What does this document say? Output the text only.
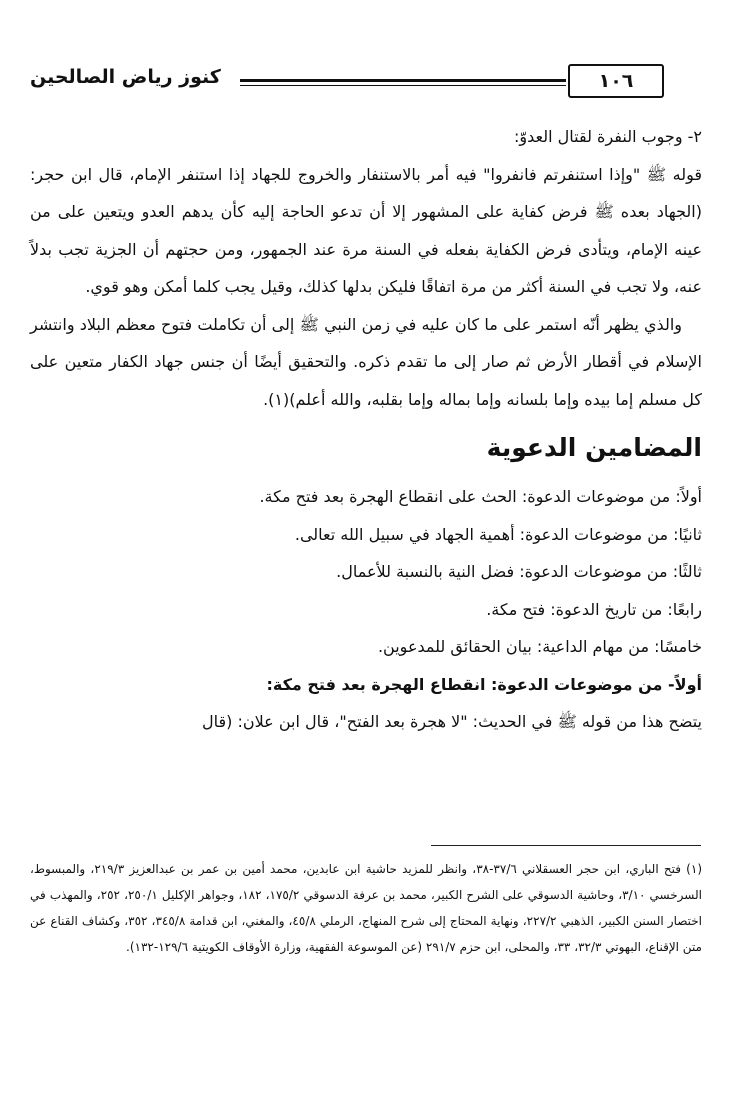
كنوز رياض الصالحين	١٠٦

٢- وجوب النفرة لقتال العدوّ:

قوله ﷺ "وإذا استنفرتم فانفروا" فيه أمر بالاستنفار والخروج للجهاد إذا استنفر الإمام، قال ابن حجر: (الجهاد بعده ﷺ فرض كفاية على المشهور إلا أن تدعو الحاجة إليه كأن يدهم العدو ويتعين على من عينه الإمام، ويتأدى فرض الكفاية بفعله في السنة مرة عند الجمهور، ومن حجتهم أن الجزية تجب بدلاً عنه، ولا تجب في السنة أكثر من مرة اتفاقًا فليكن بدلها كذلك، وقيل يجب كلما أمكن وهو قوي.

والذي يظهر أنّه استمر على ما كان عليه في زمن النبي ﷺ إلى أن تكاملت فتوح معظم البلاد وانتشر الإسلام في أقطار الأرض ثم صار إلى ما تقدم ذكره. والتحقيق أيضًا أن جنس جهاد الكفار متعين على كل مسلم إما بيده وإما بلسانه وإما بماله وإما بقلبه، والله أعلم)(١).

المضامين الدعوية

أولاً: من موضوعات الدعوة: الحث على انقطاع الهجرة بعد فتح مكة.

ثانيًا: من موضوعات الدعوة: أهمية الجهاد في سبيل الله تعالى.

ثالثًا: من موضوعات الدعوة: فضل النية بالنسبة للأعمال.

رابعًا: من تاريخ الدعوة: فتح مكة.

خامسًا: من مهام الداعية: بيان الحقائق للمدعوين.

أولاً- من موضوعات الدعوة: انقطاع الهجرة بعد فتح مكة:

يتضح هذا من قوله ﷺ في الحديث: "لا هجرة بعد الفتح"، قال ابن علان: (قال

(١) فتح الباري، ابن حجر العسقلاني ٣٧/٦-٣٨، وانظر للمزيد حاشية ابن عابدين، محمد أمين بن عمر بن عبدالعزيز ٢١٩/٣، والمبسوط، السرخسي ٣/١٠، وحاشية الدسوقي على الشرح الكبير، محمد بن عرفة الدسوقي ١٧٥/٢، ١٨٢، وجواهر الإكليل ٢٥٠/١، ٢٥٢، والمهذب في اختصار السنن الكبير، الذهبي ٢٢٧/٢، ونهاية المحتاج إلى شرح المنهاج، الرملي ٤٥/٨، والمغني، ابن قدامة ٣٤٥/٨، ٣٥٢، وكشاف القناع عن متن الإقناع، البهوتي ٣٢/٣، ٣٣، والمحلى، ابن حزم ٢٩١/٧ (عن الموسوعة الفقهية، وزارة الأوقاف الكويتية ١٢٩/٦-١٣٢).
